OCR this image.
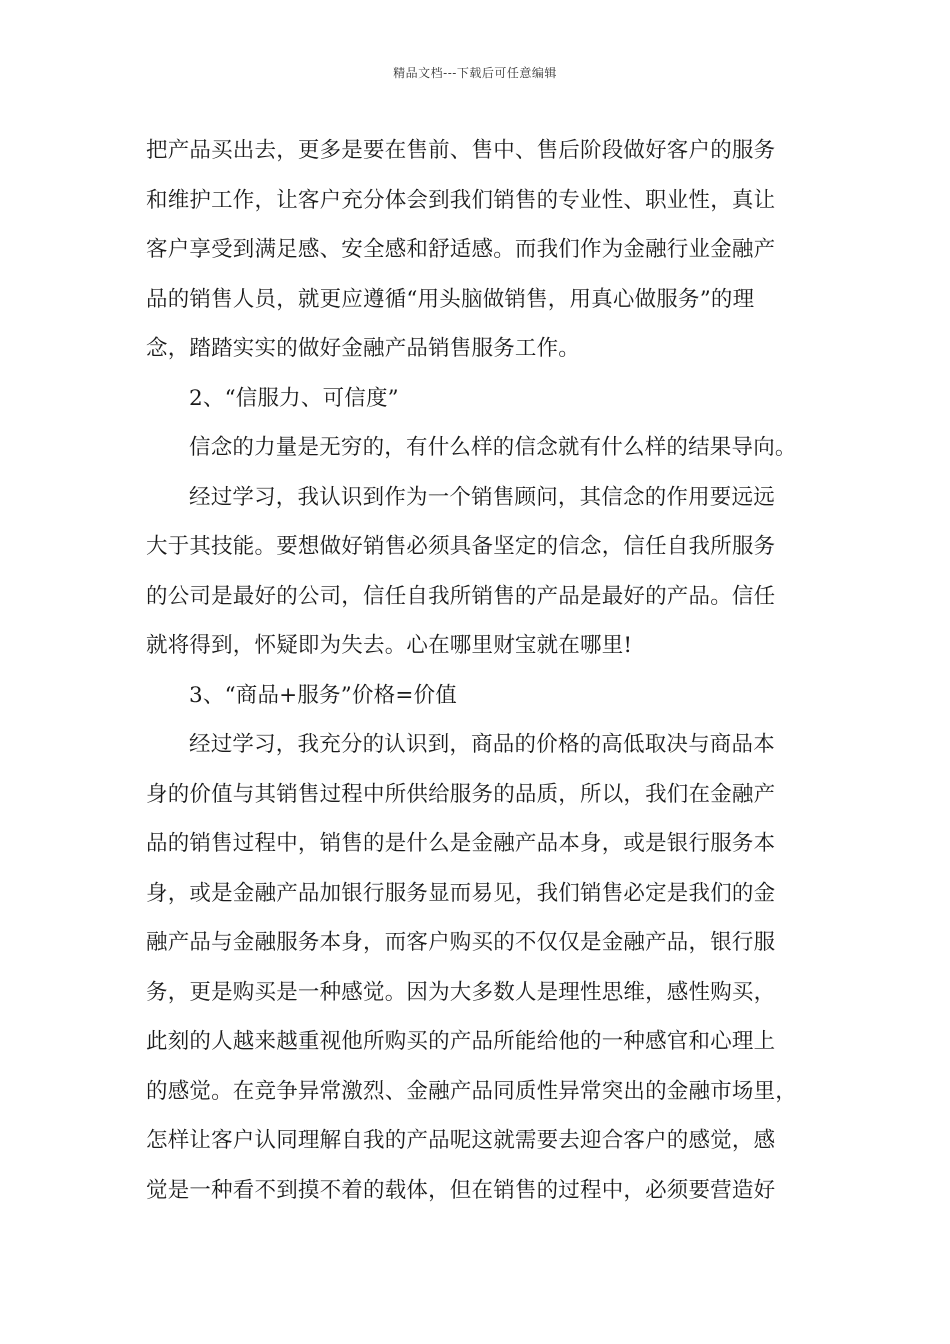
精品文档---下载后可任意编辑
把产品买出去，更多是要在售前、售中、售后阶段做好客户的服务
和维护工作，让客户充分体会到我们销售的专业性、职业性，真让
客户享受到满足感、安全感和舒适感。而我们作为金融行业金融产
品的销售人员，就更应遵循“用头脑做销售，用真心做服务”的理
念，踏踏实实的做好金融产品销售服务工作。
2、“信服力、可信度”
信念的力量是无穷的，有什么样的信念就有什么样的结果导向。
经过学习，我认识到作为一个销售顾问，其信念的作用要远远
大于其技能。要想做好销售必须具备坚定的信念，信任自我所服务
的公司是最好的公司，信任自我所销售的产品是最好的产品。信任
就将得到，怀疑即为失去。心在哪里财宝就在哪里!
3、“商品+服务”价格=价值
经过学习，我充分的认识到，商品的价格的高低取决与商品本
身的价值与其销售过程中所供给服务的品质，所以，我们在金融产
品的销售过程中，销售的是什么是金融产品本身，或是银行服务本
身，或是金融产品加银行服务显而易见，我们销售必定是我们的金
融产品与金融服务本身，而客户购买的不仅仅是金融产品，银行服
务，更是购买是一种感觉。因为大多数人是理性思维，感性购买，
此刻的人越来越重视他所购买的产品所能给他的一种感官和心理上
的感觉。在竞争异常激烈、金融产品同质性异常突出的金融市场里，
怎样让客户认同理解自我的产品呢这就需要去迎合客户的感觉，感
觉是一种看不到摸不着的载体，但在销售的过程中，必须要营造好
